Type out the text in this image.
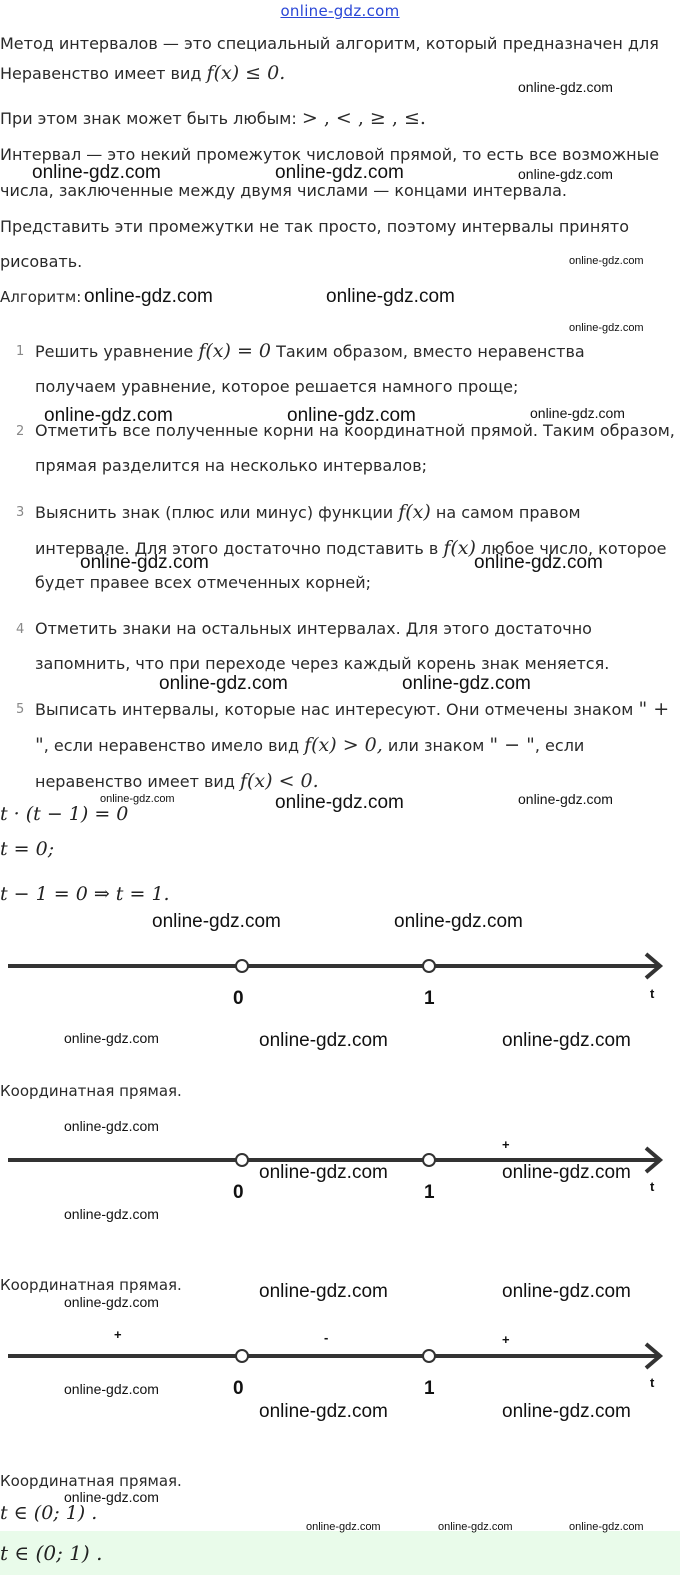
online-gdz.com
Метод интервалов — это специальный алгоритм, который предназначен для
Неравенство имеет вид f(x) ≤ 0.
При этом знак может быть любым: > , < , ≥ , ≤.
Интервал — это некий промежуток числовой прямой, то есть все возможные
числа, заключенные между двумя числами — концами интервала.
Представить эти промежутки не так просто, поэтому интервалы принято
рисовать.
Алгоритм:
1 Решить уравнение f(x) = 0 Таким образом, вместо неравенства
получаем уравнение, которое решается намного проще;
2 Отметить все полученные корни на координатной прямой. Таким образом,
прямая разделится на несколько интервалов;
3 Выяснить знак (плюс или минус) функции f(x) на самом правом
интервале. Для этого достаточно подставить в f(x) любое число, которое
будет правее всех отмеченных корней;
4 Отметить знаки на остальных интервалах. Для этого достаточно
запомнить, что при переходе через каждый корень знак меняется.
5 Выписать интервалы, которые нас интересуют. Они отмечены знаком " +
", если неравенство имело вид f(x) > 0, или знаком " − ", если
неравенство имеет вид f(x) < 0.
t · (t − 1) = 0
t = 0;
t − 1 = 0 ⇒ t = 1.
0	1	t
Координатная прямая.
+
0	1	t
Координатная прямая.
+	-	+
0	1	t
Координатная прямая.
t ∈ (0; 1) .
t ∈ (0; 1) .
online-gdz.com
online-gdz.com	online-gdz.com	online-gdz.com
online-gdz.com
online-gdz.com	online-gdz.com
online-gdz.com
online-gdz.com	online-gdz.com	online-gdz.com
online-gdz.com	online-gdz.com
online-gdz.com	online-gdz.com
online-gdz.com	online-gdz.com	online-gdz.com
online-gdz.com	online-gdz.com
online-gdz.com	online-gdz.com	online-gdz.com
online-gdz.com
online-gdz.com	online-gdz.com
online-gdz.com
online-gdz.com	online-gdz.com	online-gdz.com
online-gdz.com
online-gdz.com	online-gdz.com
online-gdz.com
online-gdz.com	online-gdz.com	online-gdz.com
